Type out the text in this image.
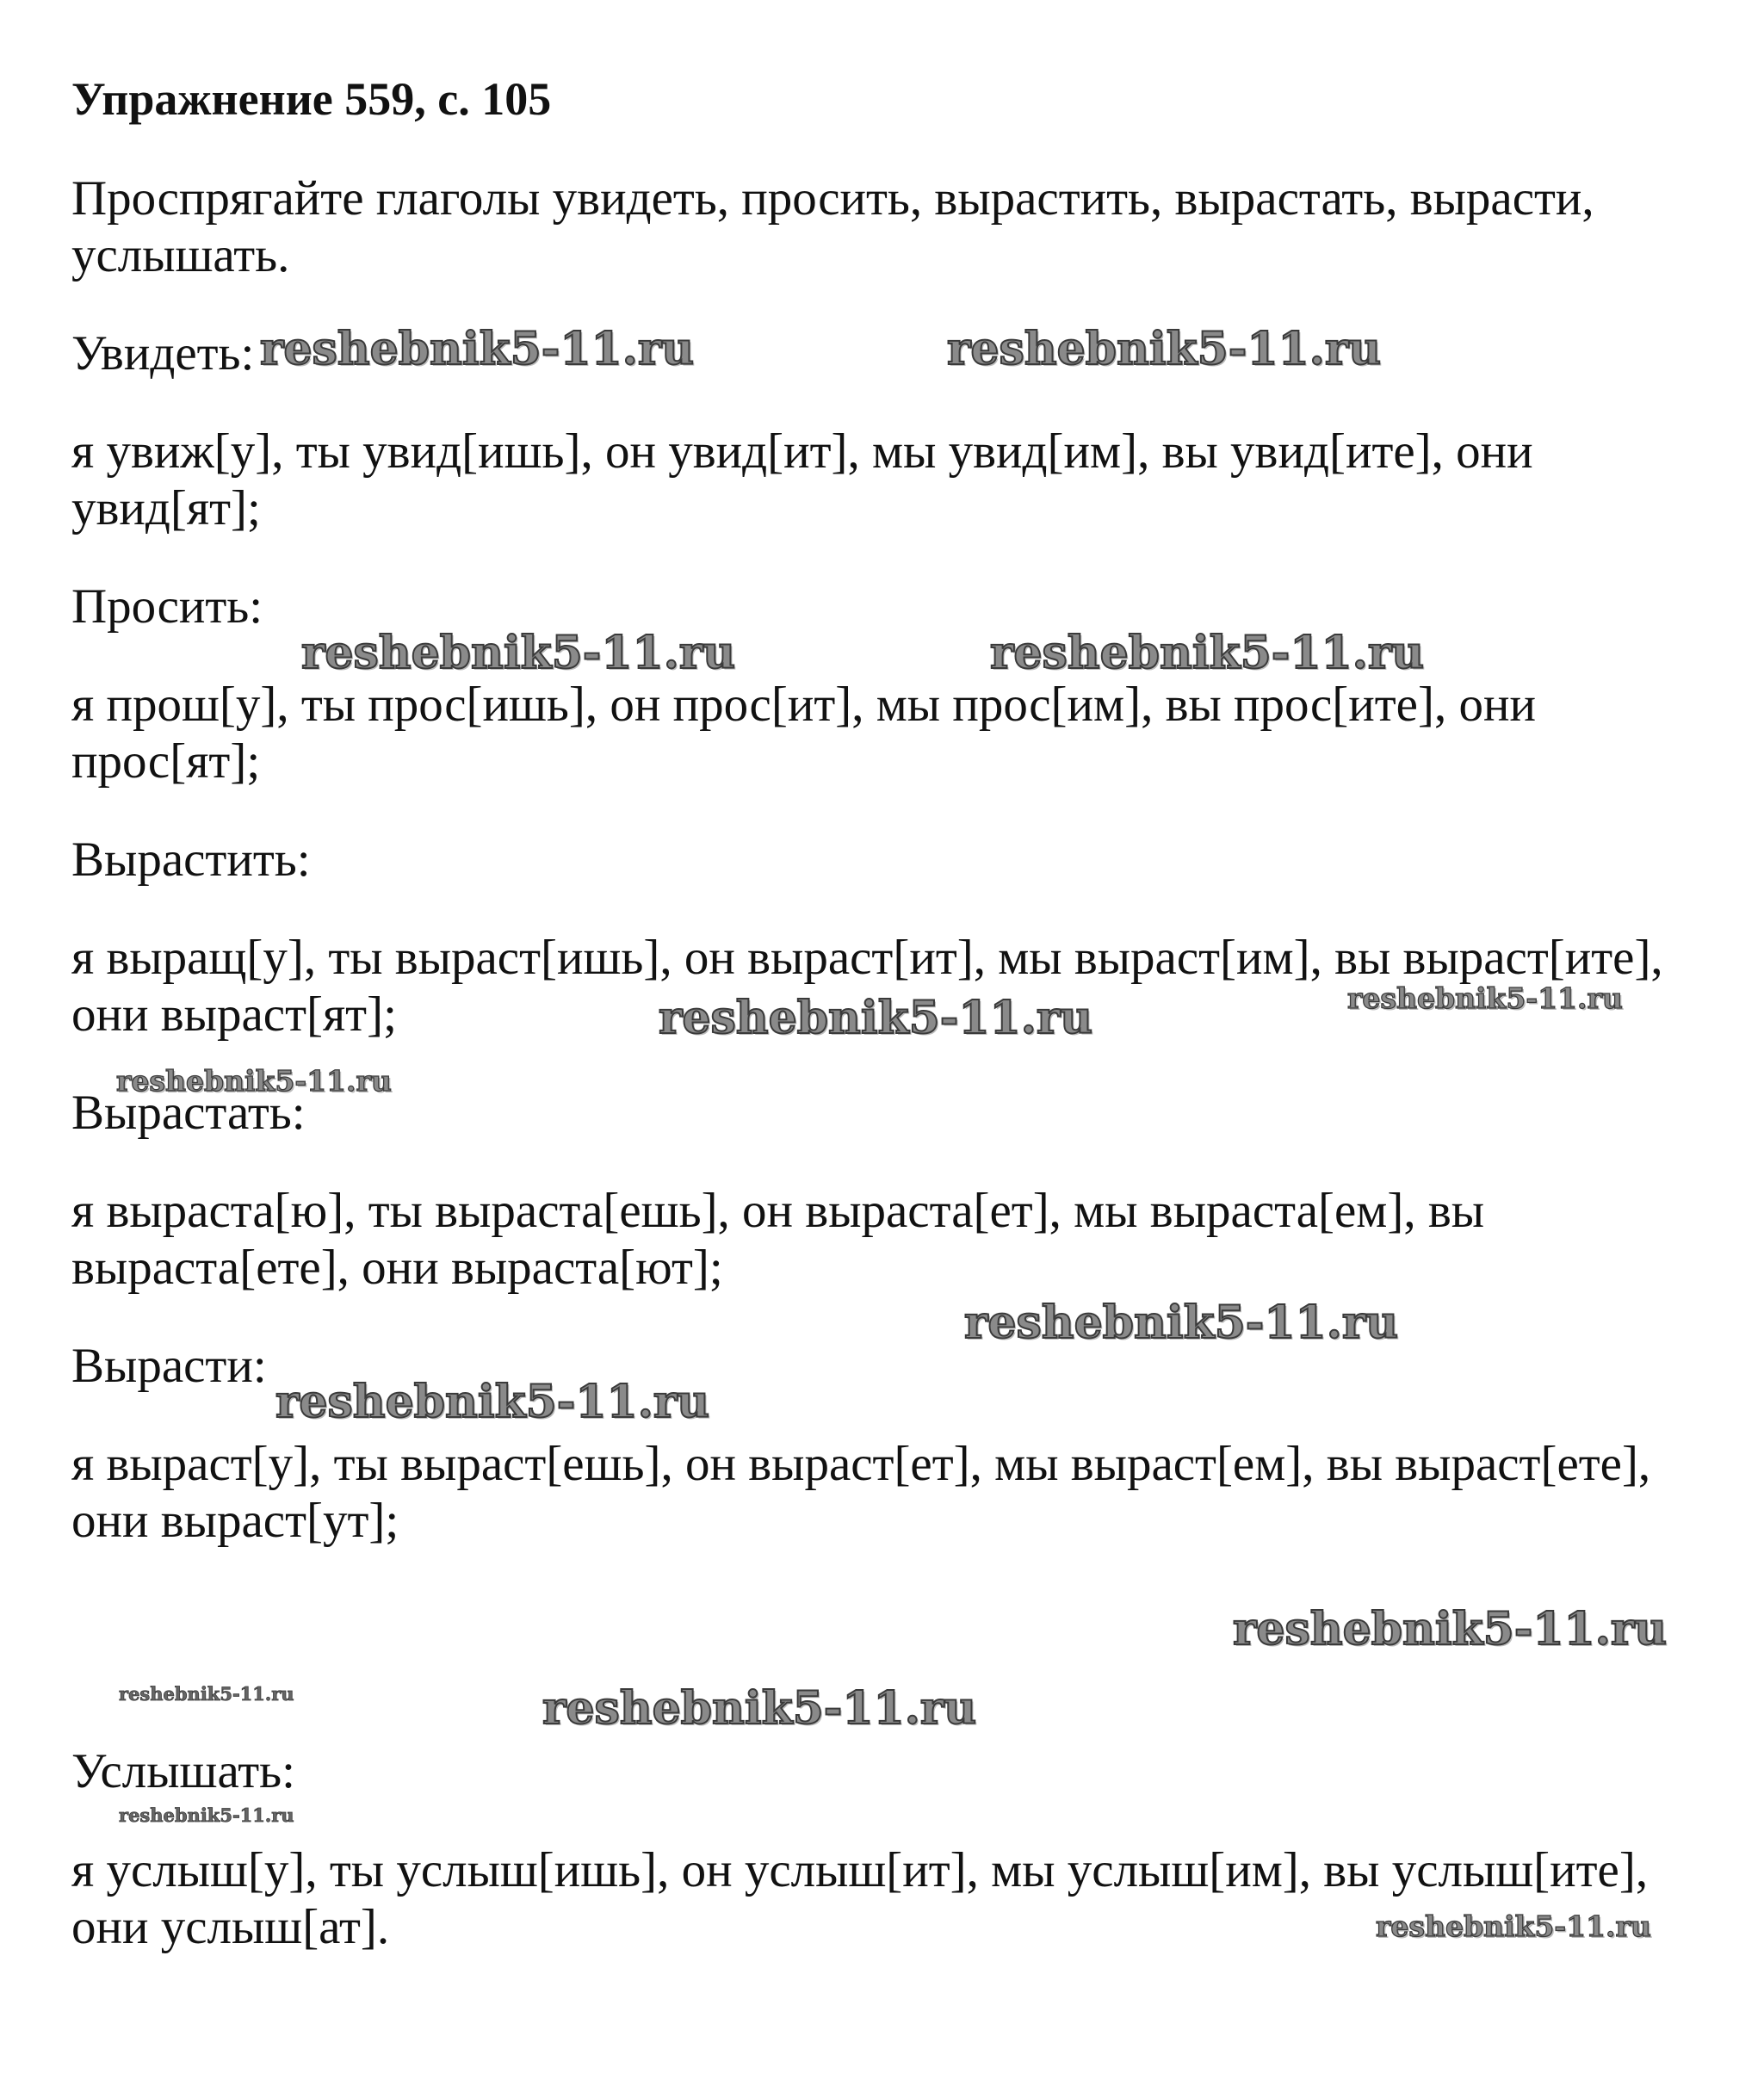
Упражнение 559, с. 105
Проспрягайте глаголы увидеть, просить, вырастить, вырастать, вырасти,
услышать.
Увидеть:
я увиж[у], ты увид[ишь], он увид[ит], мы увид[им], вы увид[ите], они
увид[ят];
Просить:
я прош[у], ты прос[ишь], он прос[ит], мы прос[им], вы прос[ите], они
прос[ят];
Вырастить:
я выращ[у], ты выраст[ишь], он выраст[ит], мы выраст[им], вы выраст[ите],
они выраст[ят];
Вырастать:
я выраста[ю], ты выраста[ешь], он выраста[ет], мы выраста[ем], вы
выраста[ете], они выраста[ют];
Вырасти:
я выраст[у], ты выраст[ешь], он выраст[ет], мы выраст[ем], вы выраст[ете],
они выраст[ут];
Услышать:
я услыш[у], ты услыш[ишь], он услыш[ит], мы услыш[им], вы услыш[ите],
они услыш[ат].
reshebnik5-11.ru	reshebnik5-11.ru
reshebnik5-11.ru	reshebnik5-11.ru
reshebnik5-11.ru
reshebnik5-11.ru
reshebnik5-11.ru
reshebnik5-11.ru
reshebnik5-11.ru
reshebnik5-11.ru
reshebnik5-11.ru	reshebnik5-11.ru
reshebnik5-11.ru
reshebnik5-11.ru
